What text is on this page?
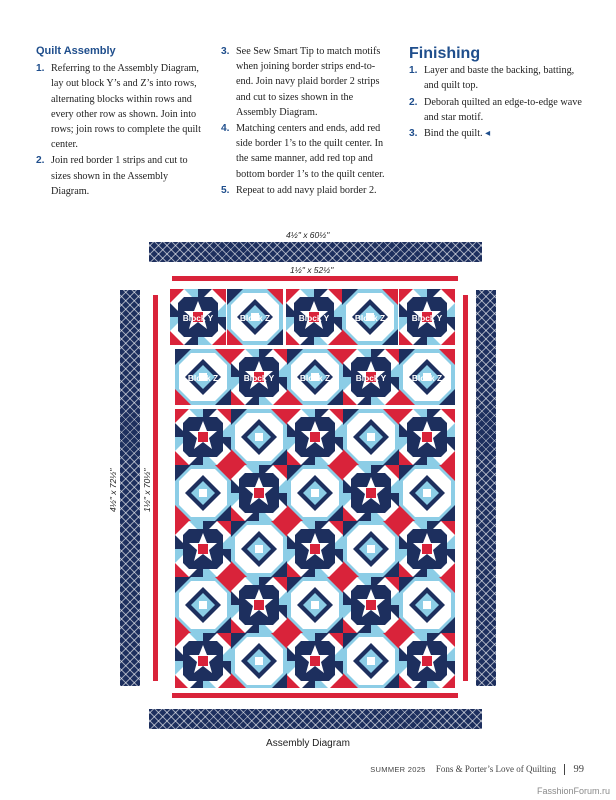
Quilt Assembly
1. Referring to the Assembly Diagram, lay out block Y’s and Z’s into rows, alternating blocks within rows and every other row as shown. Join into rows; join rows to complete the quilt center.
2. Join red border 1 strips and cut to sizes shown in the Assembly Diagram.
3. See Sew Smart Tip to match motifs when joining border strips end-to-end. Join navy plaid border 2 strips and cut to sizes shown in the Assembly Diagram.
4. Matching centers and ends, add red side border 1’s to the quilt center. In the same manner, add red top and bottom border 1’s to the quilt center.
5. Repeat to add navy plaid border 2.
Finishing
1. Layer and baste the backing, batting, and quilt top.
2. Deborah quilted an edge-to-edge wave and star motif.
3. Bind the quilt. ◂
4½" x 60½"
1½" x 52½"
4½" x 72½"	1½" x 70½"
Block Y	Block Z	Block Y	Block Z	Block Y
Block Z	Block Y	Block Z	Block Y	Block Z
Assembly Diagram
SUMMER 2025 Fons & Porter’s Love of Quilting 99
FasshionForum.ru
